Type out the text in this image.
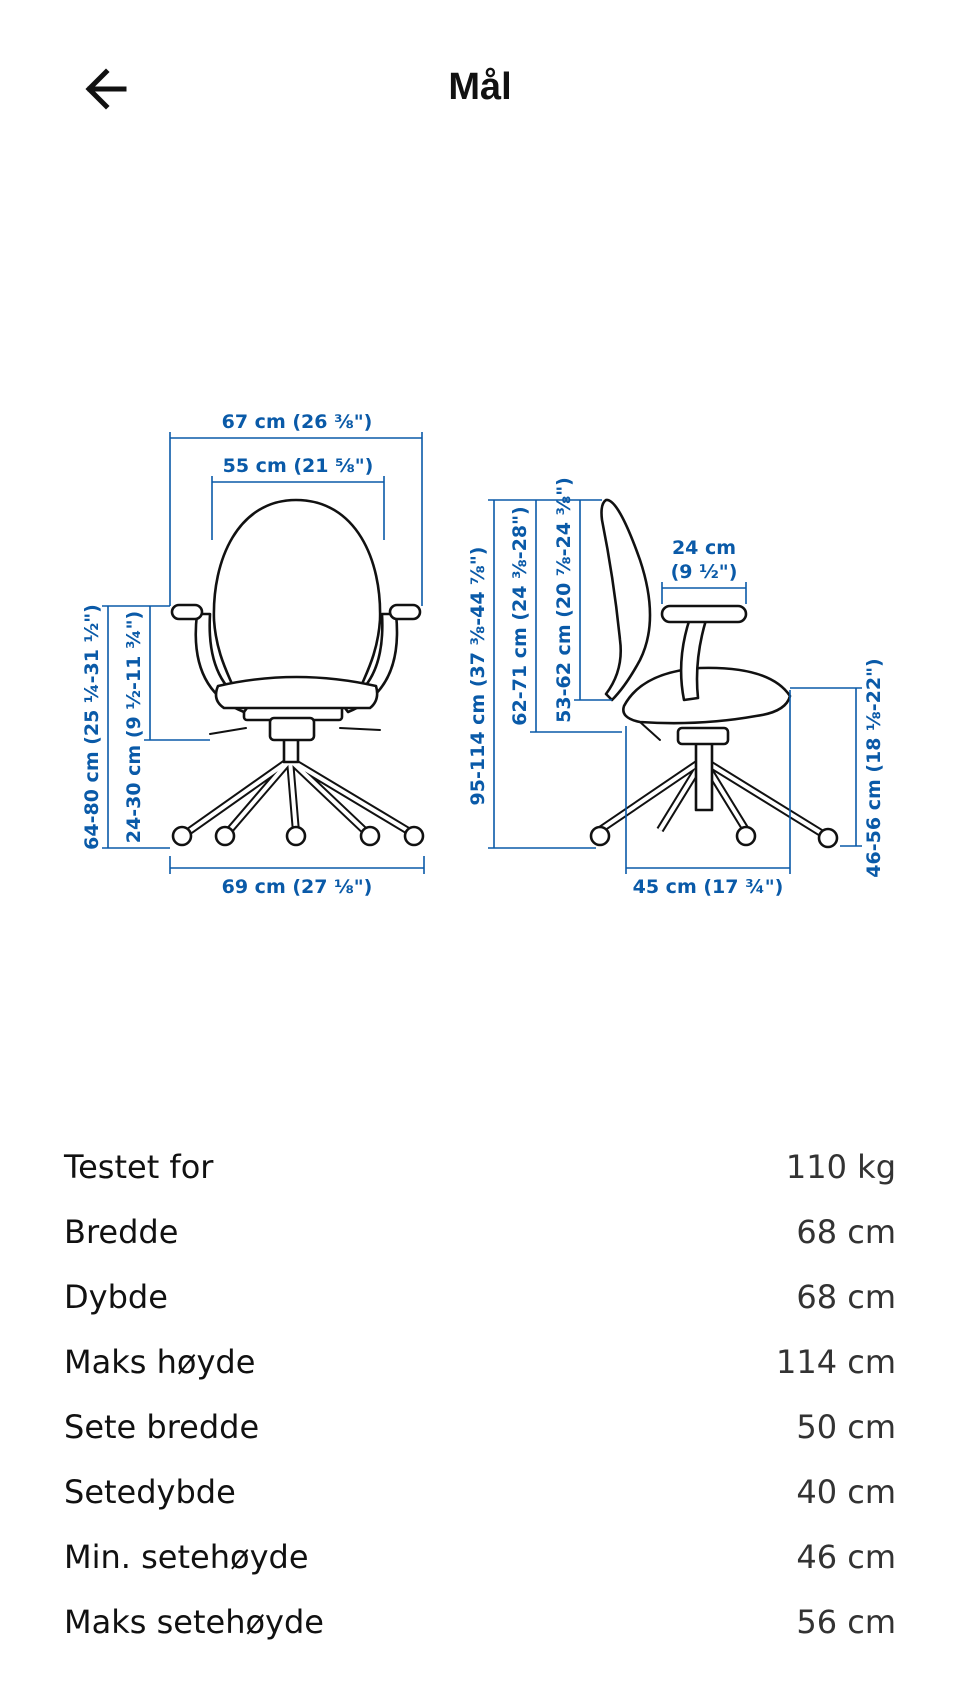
Mål
67 cm (26 ⅜")
55 cm (21 ⅝")
64-80 cm (25 ¼-31 ½") 24-30 cm (9 ½-11 ¾")
69 cm (27 ⅛")
24 cm
(9 ½")
95-114 cm (37 ⅜-44 ⅞") 62-71 cm (24 ⅜-28") 53-62 cm (20 ⅞-24 ⅜")
46-56 cm (18 ⅛-22")
45 cm (17 ¾")
Testet for	110 kg
Bredde	68 cm
Dybde	68 cm
Maks høyde	114 cm
Sete bredde	50 cm
Setedybde	40 cm
Min. setehøyde	46 cm
Maks setehøyde	56 cm
